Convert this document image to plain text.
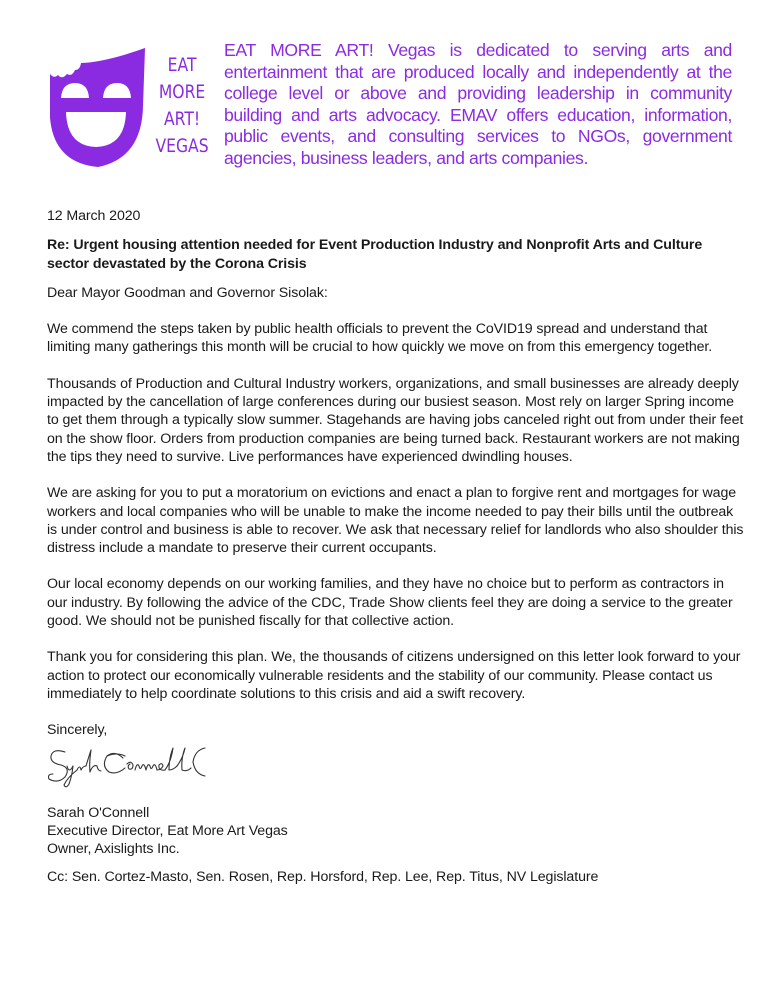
EAT
MORE
ART!
VEGAS
EAT MORE ART! Vegas is dedicated to serving arts and entertainment that are produced locally and independently at the college level or above and providing leadership in community building and arts advocacy. EMAV offers education, information, public events, and consulting services to NGOs, government agencies, business leaders, and arts companies.

12 March 2020

Re: Urgent housing attention needed for Event Production Industry and Nonprofit Arts and Culture sector devastated by the Corona Crisis

Dear Mayor Goodman and Governor Sisolak:

We commend the steps taken by public health officials to prevent the CoVID19 spread and understand that limiting many gatherings this month will be crucial to how quickly we move on from this emergency together.

Thousands of Production and Cultural Industry workers, organizations, and small businesses are already deeply impacted by the cancellation of large conferences during our busiest season. Most rely on larger Spring income to get them through a typically slow summer. Stagehands are having jobs canceled right out from under their feet on the show floor. Orders from production companies are being turned back. Restaurant workers are not making the tips they need to survive. Live performances have experienced dwindling houses.

We are asking for you to put a moratorium on evictions and enact a plan to forgive rent and mortgages for wage workers and local companies who will be unable to make the income needed to pay their bills until the outbreak is under control and business is able to recover. We ask that necessary relief for landlords who also shoulder this distress include a mandate to preserve their current occupants.

Our local economy depends on our working families, and they have no choice but to perform as contractors in our industry. By following the advice of the CDC, Trade Show clients feel they are doing a service to the greater good. We should not be punished fiscally for that collective action.

Thank you for considering this plan. We, the thousands of citizens undersigned on this letter look forward to your action to protect our economically vulnerable residents and the stability of our community. Please contact us immediately to help coordinate solutions to this crisis and aid a swift recovery.

Sincerely,

Sarah O'Connell
Executive Director, Eat More Art Vegas
Owner, Axislights Inc.

Cc: Sen. Cortez-Masto, Sen. Rosen, Rep. Horsford, Rep. Lee, Rep. Titus, NV Legislature
